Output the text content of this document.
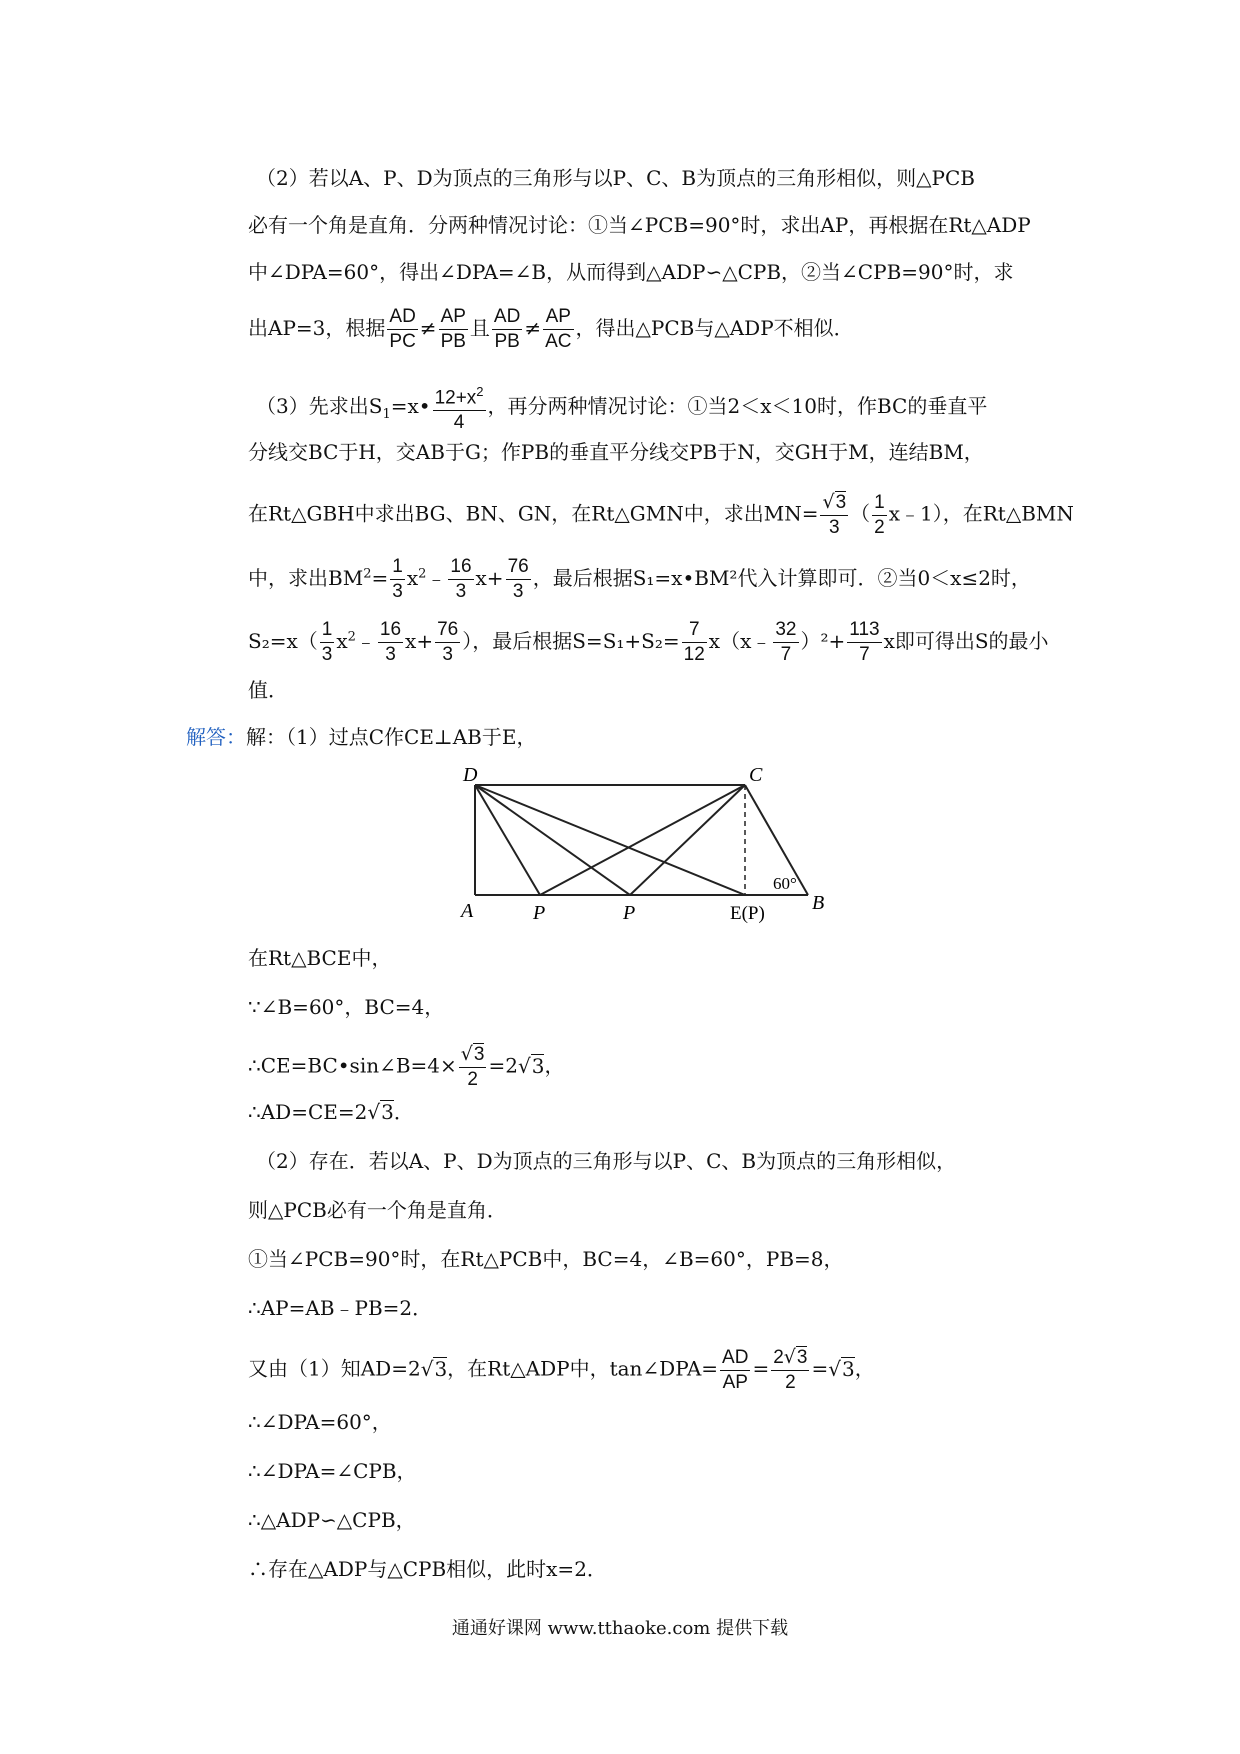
（2）若以A、P、D为顶点的三角形与以P、C、B为顶点的三角形相似，则△PCB
必有一个角是直角．分两种情况讨论：①当∠PCB=90°时，求出AP，再根据在Rt△ADP
中∠DPA=60°，得出∠DPA=∠B，从而得到△ADP∽△CPB，②当∠CPB=90°时，求
出AP=3，根据 $\frac{AD}{PC} \ne \frac{AP}{PB}$ 且 $\frac{AD}{PB} \ne \frac{AP}{AC}$ ，得出△PCB与△ADP不相似．
（3）先求出$S_1=x• \frac{12+x^2}{4}$ ，再分两种情况讨论：①当2＜x＜10时，作BC的垂直平
分线交BC于H，交AB于G；作PB的垂直平分线交PB于N，交GH于M，连结BM，
在Rt△GBH中求出BG、BN、GN，在Rt△GMN中，求出$MN= \frac{√3}{3}$ （ $\frac{1}{2}$ x﹣1），在Rt△BMN
中，求出$BM^2= \frac{1}{3}$ $x^2﹣ \frac{16}{3} x+ \frac{76}{3}$ ，最后根据S₁=x•BM²代入计算即可．②当0＜x≤2时，
$S_2=x( \frac{1}{3}$ $x^2﹣ \frac{16}{3} x+ \frac{76}{3}$ ），最后根据$S=S_1+S_2= \frac{7}{12}$ x（x﹣ $\frac{32}{7} )^2+ \frac{113}{7}$ x即可得出S的最小
值．
解答：解：（1）过点C作CE⊥AB于E，
D	C
A	P	P	E(P) B
60°
在Rt△BCE中，
∵∠B=60°，BC=4，
∴CE=BC•sin∠B=4× $\frac{√3}{2} =2√3$，
∴AD=CE=2√3．
（2）存在．若以A、P、D为顶点的三角形与以P、C、B为顶点的三角形相似，
则△PCB必有一个角是直角．
①当∠PCB=90°时，在Rt△PCB中，BC=4，∠B=60°，PB=8，
∴AP=AB﹣PB=2．
又由（1）知AD=2√3，在Rt△ADP中，tan∠DPA= $\frac{AD}{AP} = \frac{2√3}{2} =√3$，
∴∠DPA=60°，
∴∠DPA=∠CPB，
∴△ADP∽△CPB，
∴存在△ADP与△CPB相似，此时x=2．
通通好课网 www.tthaoke.com 提供下载
